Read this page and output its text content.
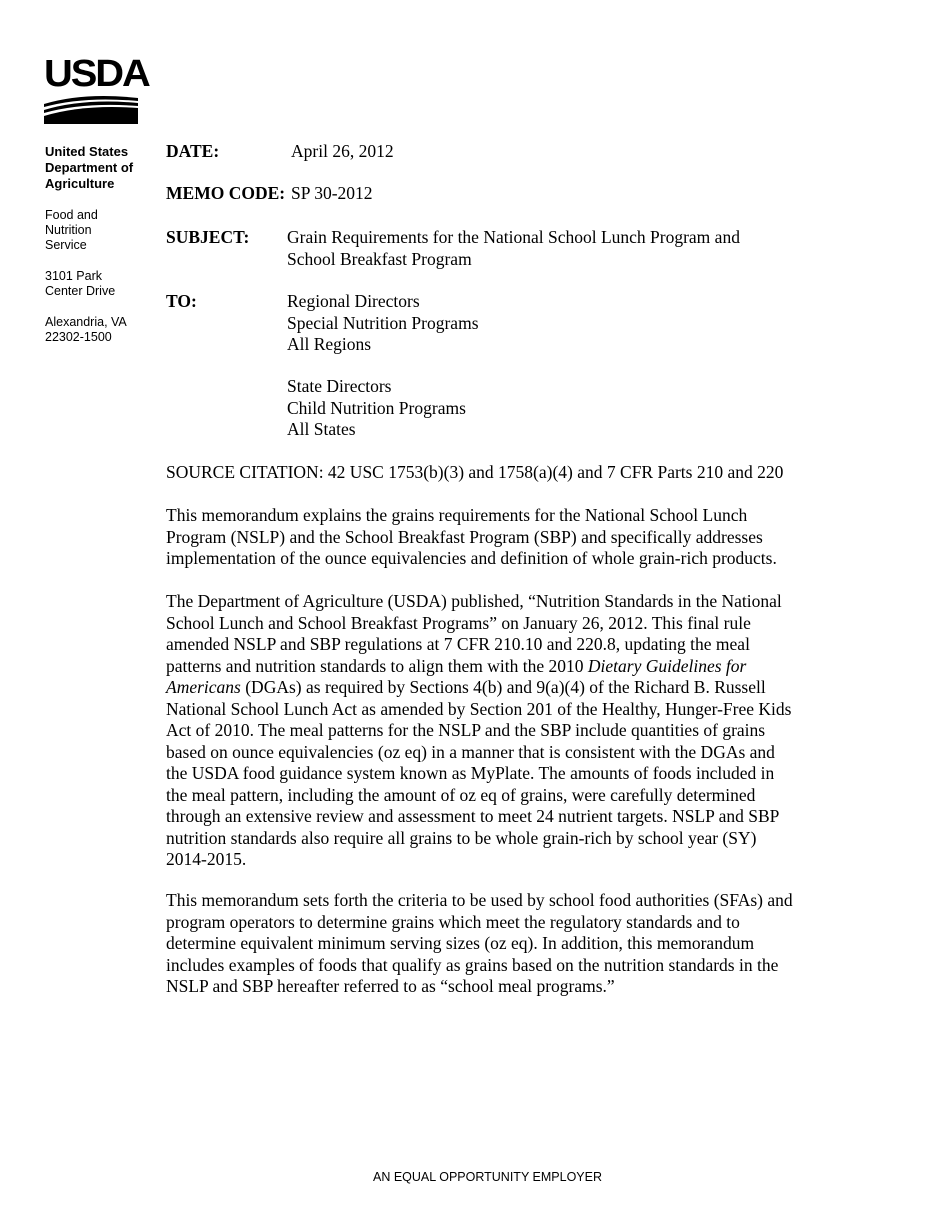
USDA
United States
Department of
Agriculture
Food and
Nutrition
Service
3101 Park
Center Drive
Alexandria, VA
22302-1500
DATE:	April 26, 2012
MEMO CODE: SP 30-2012
SUBJECT: Grain Requirements for the National School Lunch Program and
School Breakfast Program
TO:	Regional Directors
Special Nutrition Programs
All Regions
State Directors
Child Nutrition Programs
All States
SOURCE CITATION: 42 USC 1753(b)(3) and 1758(a)(4) and 7 CFR Parts 210 and 220

This memorandum explains the grains requirements for the National School Lunch
Program (NSLP) and the School Breakfast Program (SBP) and specifically addresses
implementation of the ounce equivalencies and definition of whole grain-rich products.

The Department of Agriculture (USDA) published, “Nutrition Standards in the National
School Lunch and School Breakfast Programs” on January 26, 2012. This final rule
amended NSLP and SBP regulations at 7 CFR 210.10 and 220.8, updating the meal
patterns and nutrition standards to align them with the 2010 Dietary Guidelines for
Americans (DGAs) as required by Sections 4(b) and 9(a)(4) of the Richard B. Russell
National School Lunch Act as amended by Section 201 of the Healthy, Hunger-Free Kids
Act of 2010. The meal patterns for the NSLP and the SBP include quantities of grains
based on ounce equivalencies (oz eq) in a manner that is consistent with the DGAs and
the USDA food guidance system known as MyPlate. The amounts of foods included in
the meal pattern, including the amount of oz eq of grains, were carefully determined
through an extensive review and assessment to meet 24 nutrient targets. NSLP and SBP
nutrition standards also require all grains to be whole grain-rich by school year (SY)
2014-2015.

This memorandum sets forth the criteria to be used by school food authorities (SFAs) and
program operators to determine grains which meet the regulatory standards and to
determine equivalent minimum serving sizes (oz eq). In addition, this memorandum
includes examples of foods that qualify as grains based on the nutrition standards in the
NSLP and SBP hereafter referred to as “school meal programs.”

AN EQUAL OPPORTUNITY EMPLOYER
